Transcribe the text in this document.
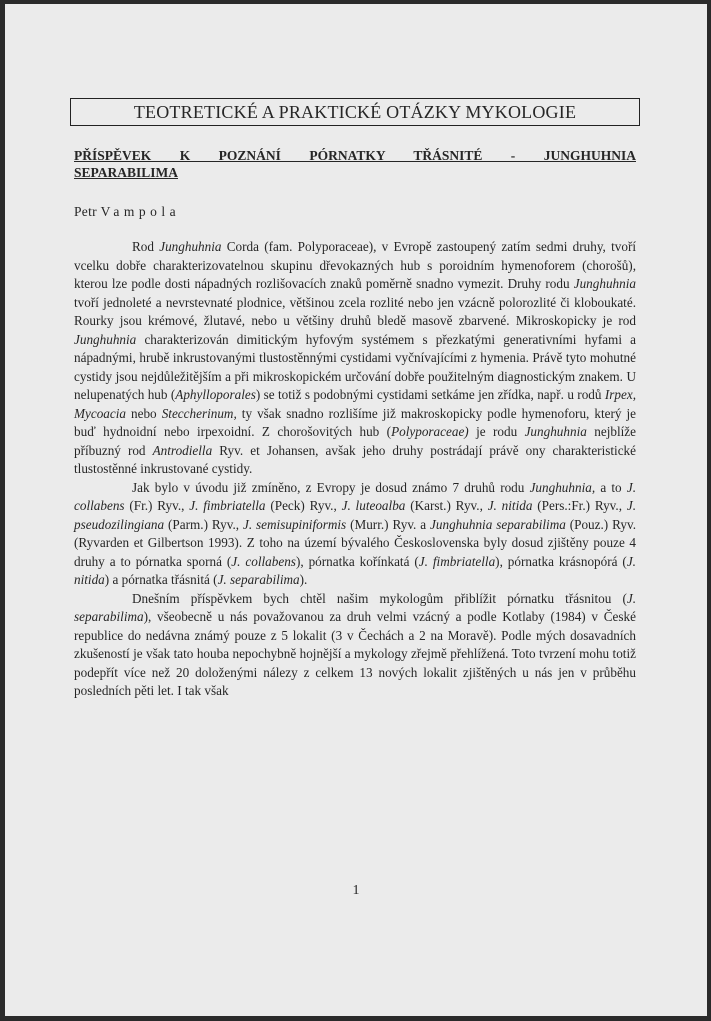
TEOTRETICKÉ A PRAKTICKÉ OTÁZKY MYKOLOGIE
PŘÍSPĚVEK K POZNÁNÍ PÓRNATKY TŘÁSNITÉ - JUNGHUHNIA
SEPARABILIMA
Petr Vampola

Rod Junghuhnia Corda (fam. Polyporaceae), v Evropě zastoupený zatím sedmi druhy, tvoří vcelku dobře charakterizovatelnou skupinu dřevokazných hub s poroidním hymenoforem (chorošů), kterou lze podle dosti nápadných rozlišovacích znaků poměrně snadno vymezit. Druhy rodu Junghuhnia tvoří jednoleté a nevrstevnaté plodnice, většinou zcela rozlité nebo jen vzácně polorozlité či kloboukaté. Rourky jsou krémové, žlutavé, nebo u většiny druhů bledě masově zbarvené. Mikroskopicky je rod Junghuhnia charakterizován dimitickým hyfovým systémem s přezkatými generativními hyfami a nápadnými, hrubě inkrustovanými tlustostěnnými cystidami vyčnívajícími z hymenia. Právě tyto mohutné cystidy jsou nejdůležitějším a při mikroskopickém určování dobře použitelným diagnostickým znakem. U nelupenatých hub (Aphylloporales) se totiž s podobnými cystidami setkáme jen zřídka, např. u rodů Irpex, Mycoacia nebo Steccherinum, ty však snadno rozlišíme již makroskopicky podle hymenoforu, který je buď hydnoidní nebo irpexoidní. Z chorošovitých hub (Polyporaceae) je rodu Junghuhnia nejblíže příbuzný rod Antrodiella Ryv. et Johansen, avšak jeho druhy postrádají právě ony charakteristické tlustostěnné inkrustované cystidy.

Jak bylo v úvodu již zmíněno, z Evropy je dosud známo 7 druhů rodu Junghuhnia, a to J. collabens (Fr.) Ryv., J. fimbriatella (Peck) Ryv., J. luteoalba (Karst.) Ryv., J. nitida (Pers.:Fr.) Ryv., J. pseudozilingiana (Parm.) Ryv., J. semisupiniformis (Murr.) Ryv. a Junghuhnia separabilima (Pouz.) Ryv. (Ryvarden et Gilbertson 1993). Z toho na území bývalého Československa byly dosud zjištěny pouze 4 druhy a to pórnatka sporná (J. collabens), pórnatka kořínkatá (J. fimbriatella), pórnatka krásnopórá (J. nitida) a pórnatka třásnitá (J. separabilima).

Dnešním příspěvkem bych chtěl našim mykologům přiblížit pórnatku třásnitou (J. separabilima), všeobecně u nás považovanou za druh velmi vzácný a podle Kotlaby (1984) v České republice do nedávna známý pouze z 5 lokalit (3 v Čechách a 2 na Moravě). Podle mých dosavadních zkušeností je však tato houba nepochybně hojnější a mykology zřejmě přehlížená. Toto tvrzení mohu totiž podepřít více než 20 doloženými nálezy z celkem 13 nových lokalit zjištěných u nás jen v průběhu posledních pěti let. I tak však

1
